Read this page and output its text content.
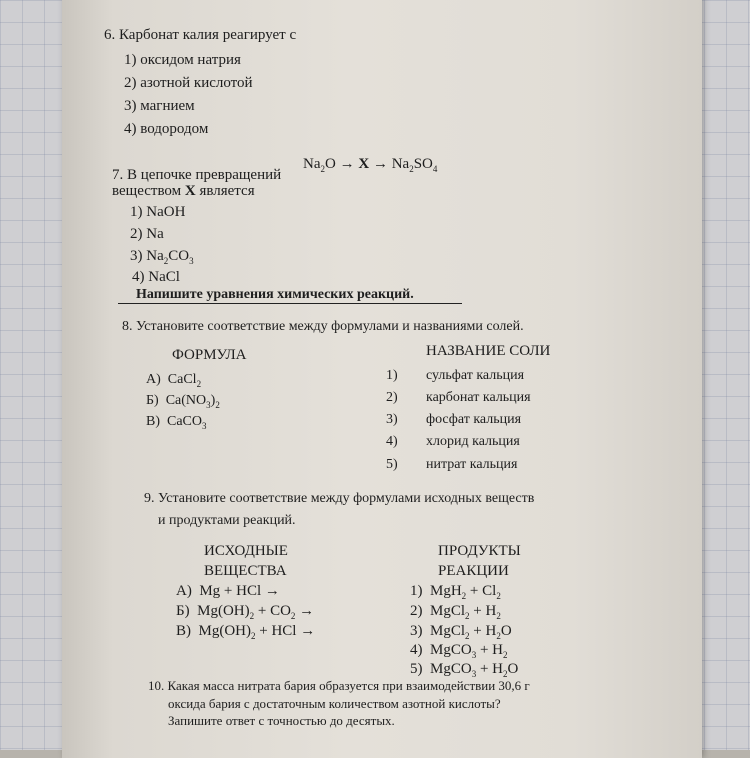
6. Карбонат калия реагирует с
1) оксидом натрия
2) азотной кислотой
3) магнием
4) водородом
7. В цепочке превращений
$Na_2O \to X \to Na_2SO_4$
веществом X является
1) NaOH
2) Na
3) $Na_2CO_3$
4) NaCl
Напишите уравнения химических реакций.
8. Установите соответствие между формулами и названиями солей.
ФОРМУЛА	НАЗВАНИЕ СОЛИ
А) CaCl$_2$
Б) $Ca(NO_3)_2$
В) CaCO$_3$
1) сульфат кальция
2) карбонат кальция
3) фосфат кальция
4) хлорид кальция
5) нитрат кальция
9. Установите соответствие между формулами исходных веществ
и продуктами реакций.
ИСХОДНЫЕ
ВЕЩЕСТВА
ПРОДУКТЫ
РЕАКЦИИ
А) Mg + HCl →
Б) $Mg(OH)_2 + CO_2$ →
В) $Mg(OH)_2$ + HCl →
1) $MgH_2 + Cl_2$
2) MgCl$_2$ + $H_2$
3) MgCl$_2$ + $H_2O$
4) MgCO$_3$ + $H_2$
5) MgCO$_3$ + $H_2O$
10. Какая масса нитрата бария образуется при взаимодействии 30,6 г
оксида бария с достаточным количеством азотной кислоты?
Запишите ответ с точностью до десятых.
